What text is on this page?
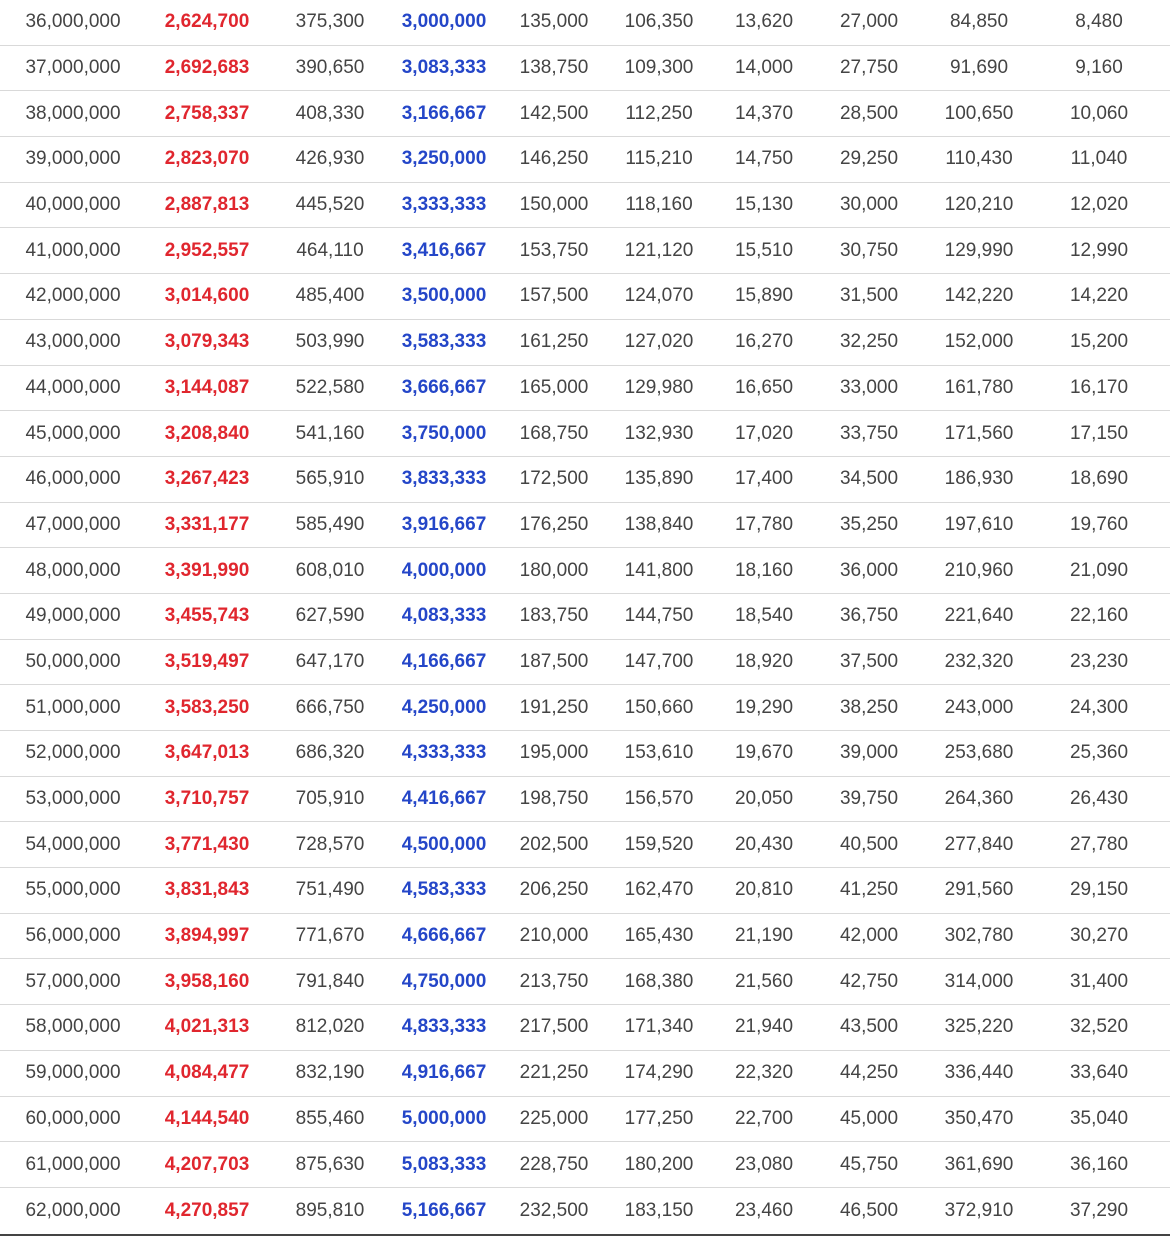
36,000,000	2,624,700	375,300	3,000,000	135,000	106,350	13,620	27,000	84,850	8,480
37,000,000	2,692,683	390,650	3,083,333	138,750	109,300	14,000	27,750	91,690	9,160
38,000,000	2,758,337	408,330	3,166,667	142,500	112,250	14,370	28,500	100,650	10,060
39,000,000	2,823,070	426,930	3,250,000	146,250	115,210	14,750	29,250	110,430	11,040
40,000,000	2,887,813	445,520	3,333,333	150,000	118,160	15,130	30,000	120,210	12,020
41,000,000	2,952,557	464,110	3,416,667	153,750	121,120	15,510	30,750	129,990	12,990
42,000,000	3,014,600	485,400	3,500,000	157,500	124,070	15,890	31,500	142,220	14,220
43,000,000	3,079,343	503,990	3,583,333	161,250	127,020	16,270	32,250	152,000	15,200
44,000,000	3,144,087	522,580	3,666,667	165,000	129,980	16,650	33,000	161,780	16,170
45,000,000	3,208,840	541,160	3,750,000	168,750	132,930	17,020	33,750	171,560	17,150
46,000,000	3,267,423	565,910	3,833,333	172,500	135,890	17,400	34,500	186,930	18,690
47,000,000	3,331,177	585,490	3,916,667	176,250	138,840	17,780	35,250	197,610	19,760
48,000,000	3,391,990	608,010	4,000,000	180,000	141,800	18,160	36,000	210,960	21,090
49,000,000	3,455,743	627,590	4,083,333	183,750	144,750	18,540	36,750	221,640	22,160
50,000,000	3,519,497	647,170	4,166,667	187,500	147,700	18,920	37,500	232,320	23,230
51,000,000	3,583,250	666,750	4,250,000	191,250	150,660	19,290	38,250	243,000	24,300
52,000,000	3,647,013	686,320	4,333,333	195,000	153,610	19,670	39,000	253,680	25,360
53,000,000	3,710,757	705,910	4,416,667	198,750	156,570	20,050	39,750	264,360	26,430
54,000,000	3,771,430	728,570	4,500,000	202,500	159,520	20,430	40,500	277,840	27,780
55,000,000	3,831,843	751,490	4,583,333	206,250	162,470	20,810	41,250	291,560	29,150
56,000,000	3,894,997	771,670	4,666,667	210,000	165,430	21,190	42,000	302,780	30,270
57,000,000	3,958,160	791,840	4,750,000	213,750	168,380	21,560	42,750	314,000	31,400
58,000,000	4,021,313	812,020	4,833,333	217,500	171,340	21,940	43,500	325,220	32,520
59,000,000	4,084,477	832,190	4,916,667	221,250	174,290	22,320	44,250	336,440	33,640
60,000,000	4,144,540	855,460	5,000,000	225,000	177,250	22,700	45,000	350,470	35,040
61,000,000	4,207,703	875,630	5,083,333	228,750	180,200	23,080	45,750	361,690	36,160
62,000,000	4,270,857	895,810	5,166,667	232,500	183,150	23,460	46,500	372,910	37,290
